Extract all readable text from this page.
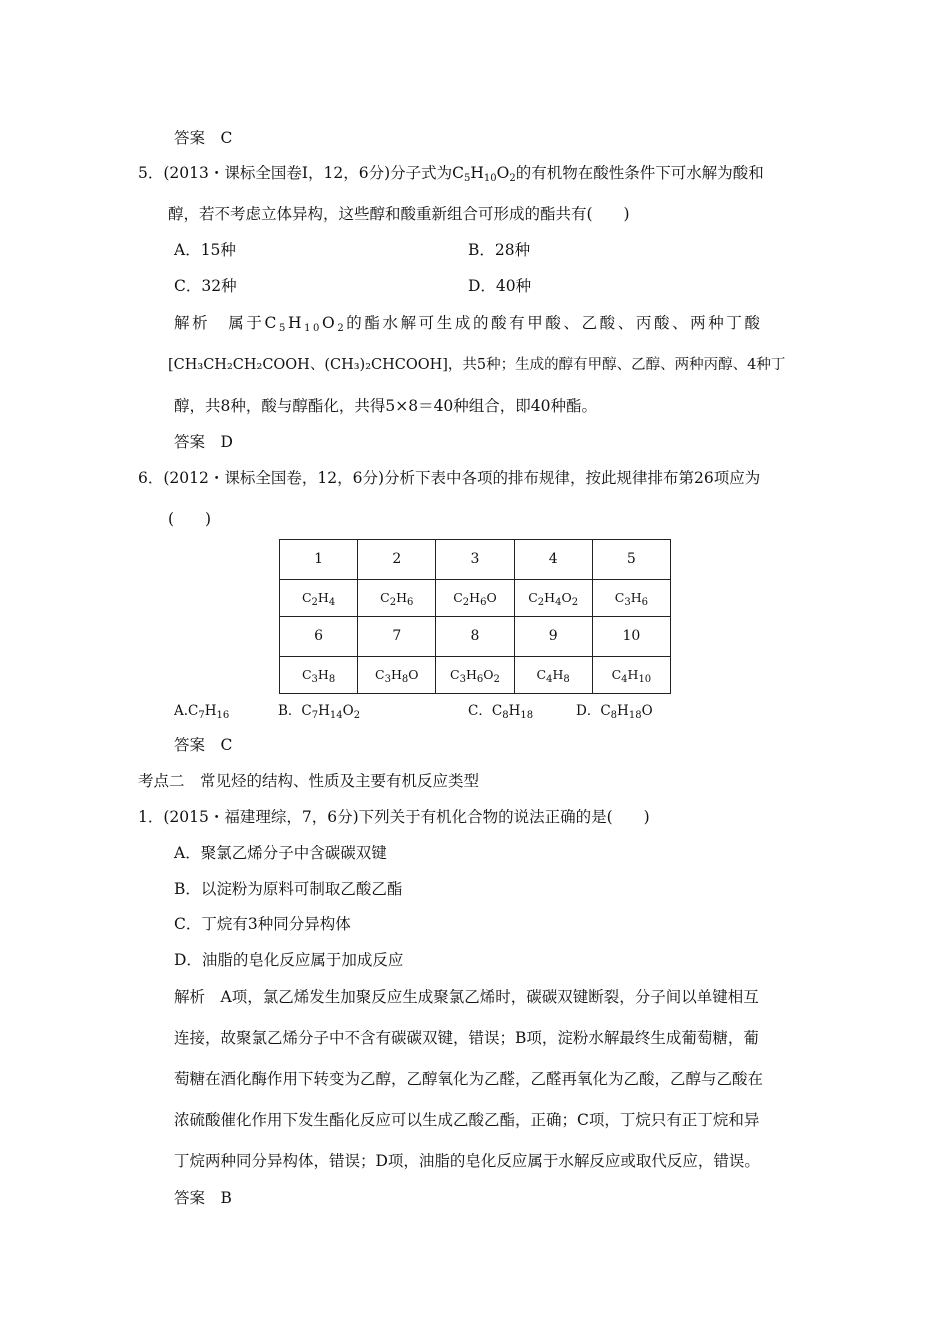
答案　C
5．(2013・课标全国卷Ⅰ，12，6分)分子式为$C_5H_{10}O_2$的有机物在酸性条件下可水解为酸和
醇，若不考虑立体异构，这些醇和酸重新组合可形成的酯共有(　　)
A．15种	B．28种
C．32种	D．40种
解析　属于$C_5H_{10}O_2$的酯水解可生成的酸有甲酸、乙酸、丙酸、两种丁酸
[CH₃CH₂CH₂COOH、(CH₃)₂CHCOOH]，共5种；生成的醇有甲醇、乙醇、两种丙醇、4种丁
醇，共8种，酸与醇酯化，共得5×8＝40种组合，即40种酯。
答案　D
6．(2012・课标全国卷，12，6分)分析下表中各项的排布规律，按此规律排布第26项应为
(　　)
1	2	3	4	5
$C_2H_4$	$C_2H_6$	$C_2H_6O$	$C_2H_4O_2$	$C_3H_6$
6	7	8	9	10
$C_3H_8$	$C_3H_8O$	$C_3H_6O_2$	$C_4H_8$	$C_4H_{10}$
$A.C_7H_{16}$	B．$C_7H_{14}O_2$	C．$C_8H_{18}$	D．$C_8H_{18}O$
答案　C
考点二　常见烃的结构、性质及主要有机反应类型
1．(2015・福建理综，7，6分)下列关于有机化合物的说法正确的是(　　)
A．聚氯乙烯分子中含碳碳双键
B．以淀粉为原料可制取乙酸乙酯
C．丁烷有3种同分异构体
D．油脂的皂化反应属于加成反应
解析　A项，氯乙烯发生加聚反应生成聚氯乙烯时，碳碳双键断裂，分子间以单键相互
连接，故聚氯乙烯分子中不含有碳碳双键，错误；B项，淀粉水解最终生成葡萄糖，葡
萄糖在酒化酶作用下转变为乙醇，乙醇氧化为乙醛，乙醛再氧化为乙酸，乙醇与乙酸在
浓硫酸催化作用下发生酯化反应可以生成乙酸乙酯，正确；C项，丁烷只有正丁烷和异
丁烷两种同分异构体，错误；D项，油脂的皂化反应属于水解反应或取代反应，错误。
答案　B
